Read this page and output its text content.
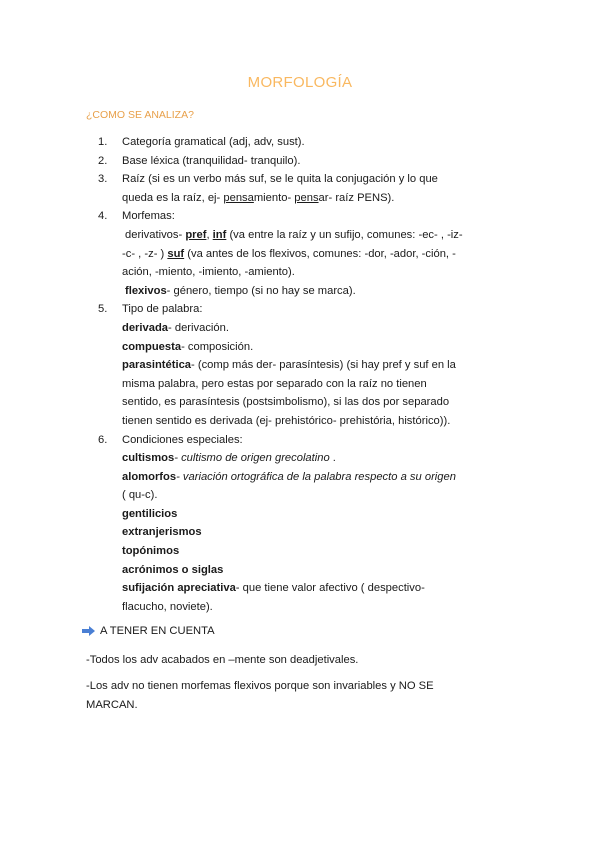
MORFOLOGÍA
¿COMO SE ANALIZA?
1.	Categoría gramatical (adj, adv, sust).
2.	Base léxica (tranquilidad- tranquilo).
3.	Raíz (si es un verbo más suf, se le quita la conjugación y lo que
queda es la raíz, ej- pensamiento- pensar- raíz PENS).
4.	Morfemas:
derivativos- pref, inf (va entre la raíz y un sufijo, comunes: -ec- , -iz-
-c- , -z- ) suf (va antes de los flexivos, comunes: -dor, -ador, -ción, -
ación, -miento, -imiento, -amiento).
flexivos- género, tiempo (si no hay se marca).
5.	Tipo de palabra:
derivada- derivación.
compuesta- composición.
parasintética- (comp más der- parasíntesis) (si hay pref y suf en la
misma palabra, pero estas por separado con la raíz no tienen
sentido, es parasíntesis (postsimbolismo), si las dos por separado
tienen sentido es derivada (ej- prehistórico- prehistória, histórico)).
6.	Condiciones especiales:
cultismos- cultismo de origen grecolatino .
alomorfos- variación ortográfica de la palabra respecto a su origen
( qu-c).
gentilicios
extranjerismos
topónimos
acrónimos o siglas
sufijación apreciativa- que tiene valor afectivo ( despectivo-
flacucho, noviete).
A TENER EN CUENTA
-Todos los adv acabados en –mente son deadjetivales.
-Los adv no tienen morfemas flexivos porque son invariables y NO SE MARCAN.
